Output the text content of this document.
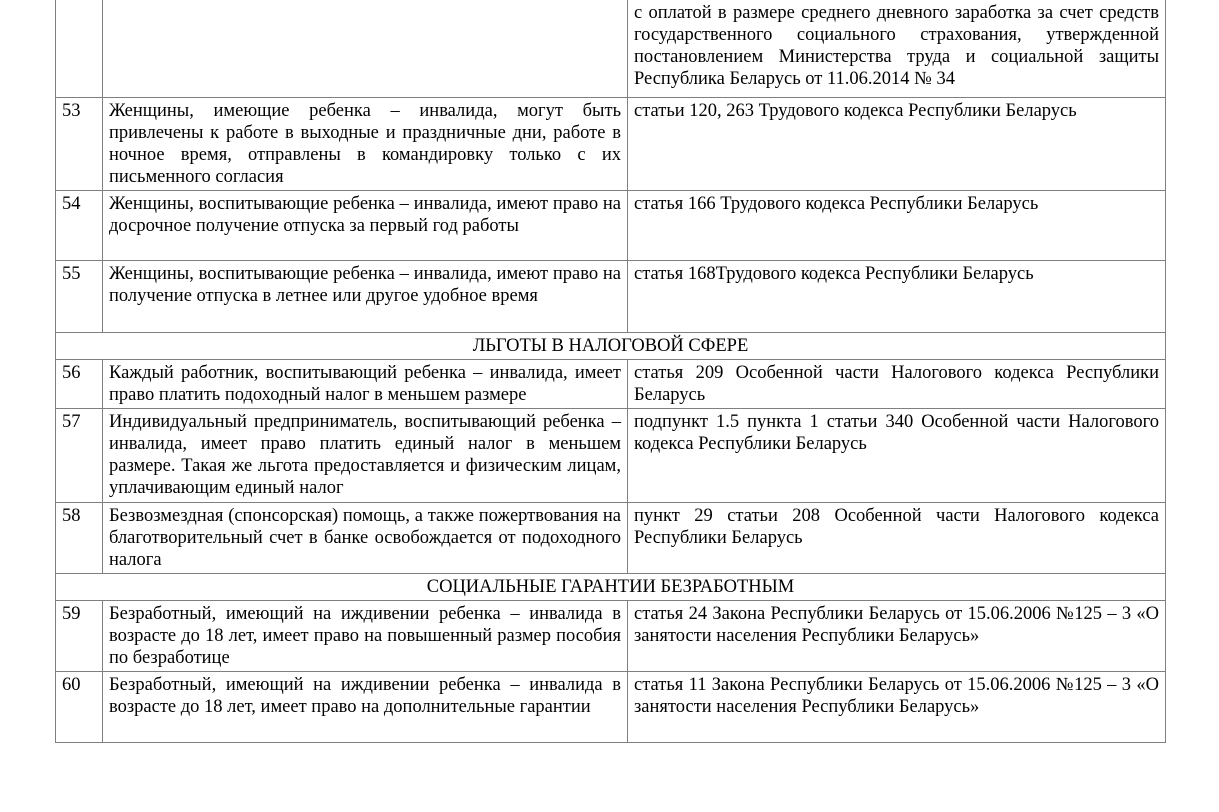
		с оплатой в размере среднего дневного заработка за счет средств государственного социального страхования, утвержденной постановлением Министерства труда и социальной защиты Республика Беларусь от 11.06.2014 № 34
53	Женщины, имеющие ребенка – инвалида, могут быть привлечены к работе в выходные и праздничные дни, работе в ночное время, отправлены в командировку только с их письменного согласия	статьи 120, 263 Трудового кодекса Республики Беларусь
54	Женщины, воспитывающие ребенка – инвалида, имеют право на досрочное получение отпуска за первый год работы	статья 166 Трудового кодекса Республики Беларусь
55	Женщины, воспитывающие ребенка – инвалида, имеют право на получение отпуска в летнее или другое удобное время	статья 168Трудового кодекса Республики Беларусь
ЛЬГОТЫ В НАЛОГОВОЙ СФЕРЕ		
56	Каждый работник, воспитывающий ребенка – инвалида, имеет право платить подоходный налог в меньшем размере	статья 209 Особенной части Налогового кодекса Республики Беларусь
57	Индивидуальный предприниматель, воспитывающий ребенка – инвалида, имеет право платить единый налог в меньшем размере. Такая же льгота предоставляется и физическим лицам, уплачивающим единый налог	подпункт 1.5 пункта 1 статьи 340 Особенной части Налогового кодекса Республики Беларусь
58	Безвозмездная (спонсорская) помощь, а также пожертвования на благотворительный счет в банке освобождается от подоходного налога	пункт 29 статьи 208 Особенной части Налогового кодекса Республики Беларусь
СОЦИАЛЬНЫЕ ГАРАНТИИ БЕЗРАБОТНЫМ		
59	Безработный, имеющий на иждивении ребенка – инвалида в возрасте до 18 лет, имеет право на повышенный размер пособия по безработице	статья 24 Закона Республики Беларусь от 15.06.2006 №125 – 3 «О занятости населения Республики Беларусь»
60	Безработный, имеющий на иждивении ребенка – инвалида в возрасте до 18 лет, имеет право на дополнительные гарантии	статья 11 Закона Республики Беларусь от 15.06.2006 №125 – 3 «О занятости населения Республики Беларусь»
